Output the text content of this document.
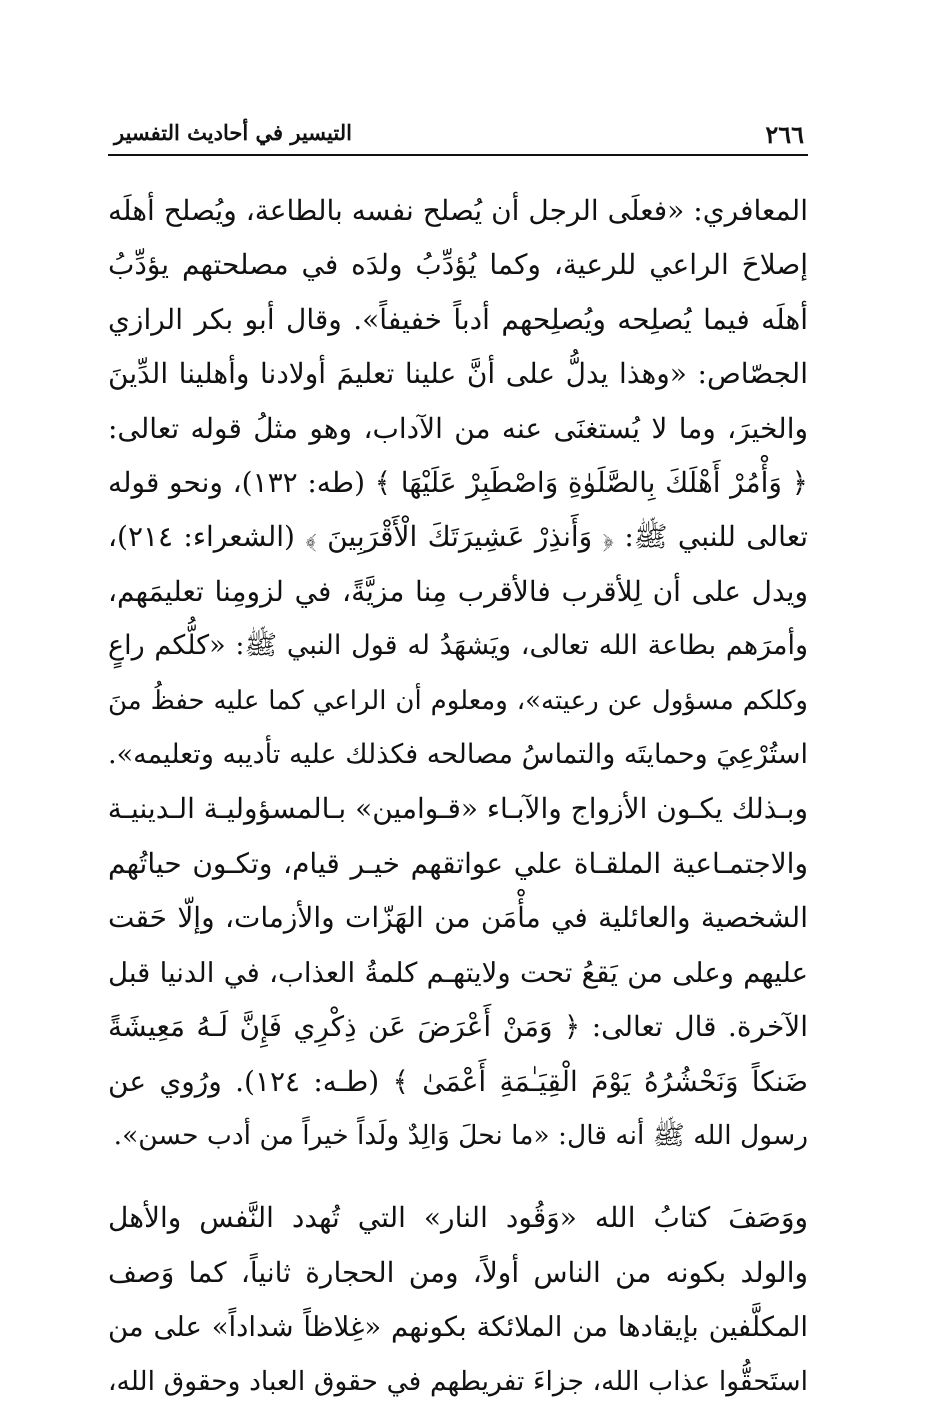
٢٦٦
التيسير في أحاديث التفسير

المعافري: «فعلَى الرجل أن يُصلح نفسه بالطاعة، ويُصلح أهلَه
إصلاحَ الراعي للرعية، وكما يُؤدِّبُ ولدَه في مصلحتهم يؤدِّبُ
أهلَه فيما يُصلِحه ويُصلِحهم أدباً خفيفاً». وقال أبو بكر الرازي
الجصّاص: «وهذا يدلُّ على أنَّ علينا تعليمَ أولادنا وأهلينا الدِّينَ
والخيرَ، وما لا يُستغنَى عنه من الآداب، وهو مثلُ قوله تعالى:
﴿ وَأْمُرْ أَهْلَكَ بِالصَّلَوٰةِ وَاصْطَبِرْ عَلَيْهَا ﴾ (طه: ١٣٢)، ونحو قوله
تعالى للنبي ﷺ: ﴿ وَأَنذِرْ عَشِيرَتَكَ الْأَقْرَبِينَ ﴾ (الشعراء: ٢١٤)،
ويدل على أن لِلأقرب فالأقرب مِنا مزيَّةً، في لزومِنا تعليمَهم،
وأمرَهم بطاعة الله تعالى، ويَشهَدُ له قول النبي ﷺ: «كلُّكم راعٍ
وكلكم مسؤول عن رعيته»، ومعلوم أن الراعي كما عليه حفظُ منَ
استُرْعِيَ وحمايتَه والتماسُ مصالحه فكذلك عليه تأديبه وتعليمه».
وبـذلك يكـون الأزواج والآبـاء «قـوامين» بـالمسؤوليـة الـدينيـة
والاجتمـاعية الملقـاة علي عواتقهم خيـر قيام، وتكـون حياتُهم
الشخصية والعائلية في مأْمَن من الهَزّات والأزمات، وإلّا حَقت
عليهم وعلى من يَقعُ تحت ولايتهـم كلمةُ العذاب، في الدنيا قبل
الآخرة. قال تعالى: ﴿ وَمَنْ أَعْرَضَ عَن ذِكْرِي فَإِنَّ لَـهُ مَعِيشَةً
ضَنكاً وَنَحْشُرُهُ يَوْمَ الْقِيَـٰمَةِ أَعْمَىٰ ﴾ (طـه: ١٢٤). ورُوي عن
رسول الله ﷺ أنه قال: «ما نحلَ وَالِدٌ ولَداً خيراً من أدب حسن».

ووَصَفَ كتابُ الله «وَقُود النار» التي تُهدد النَّفس والأهل
والولد بكونه من الناس أولاً، ومن الحجارة ثانياً، كما وَصف
المكلَّفين بإيقادها من الملائكة بكونهم «غِلاظاً شداداً» على من
استَحقُّوا عذاب الله، جزاءَ تفريطهم في حقوق العباد وحقوق الله،
